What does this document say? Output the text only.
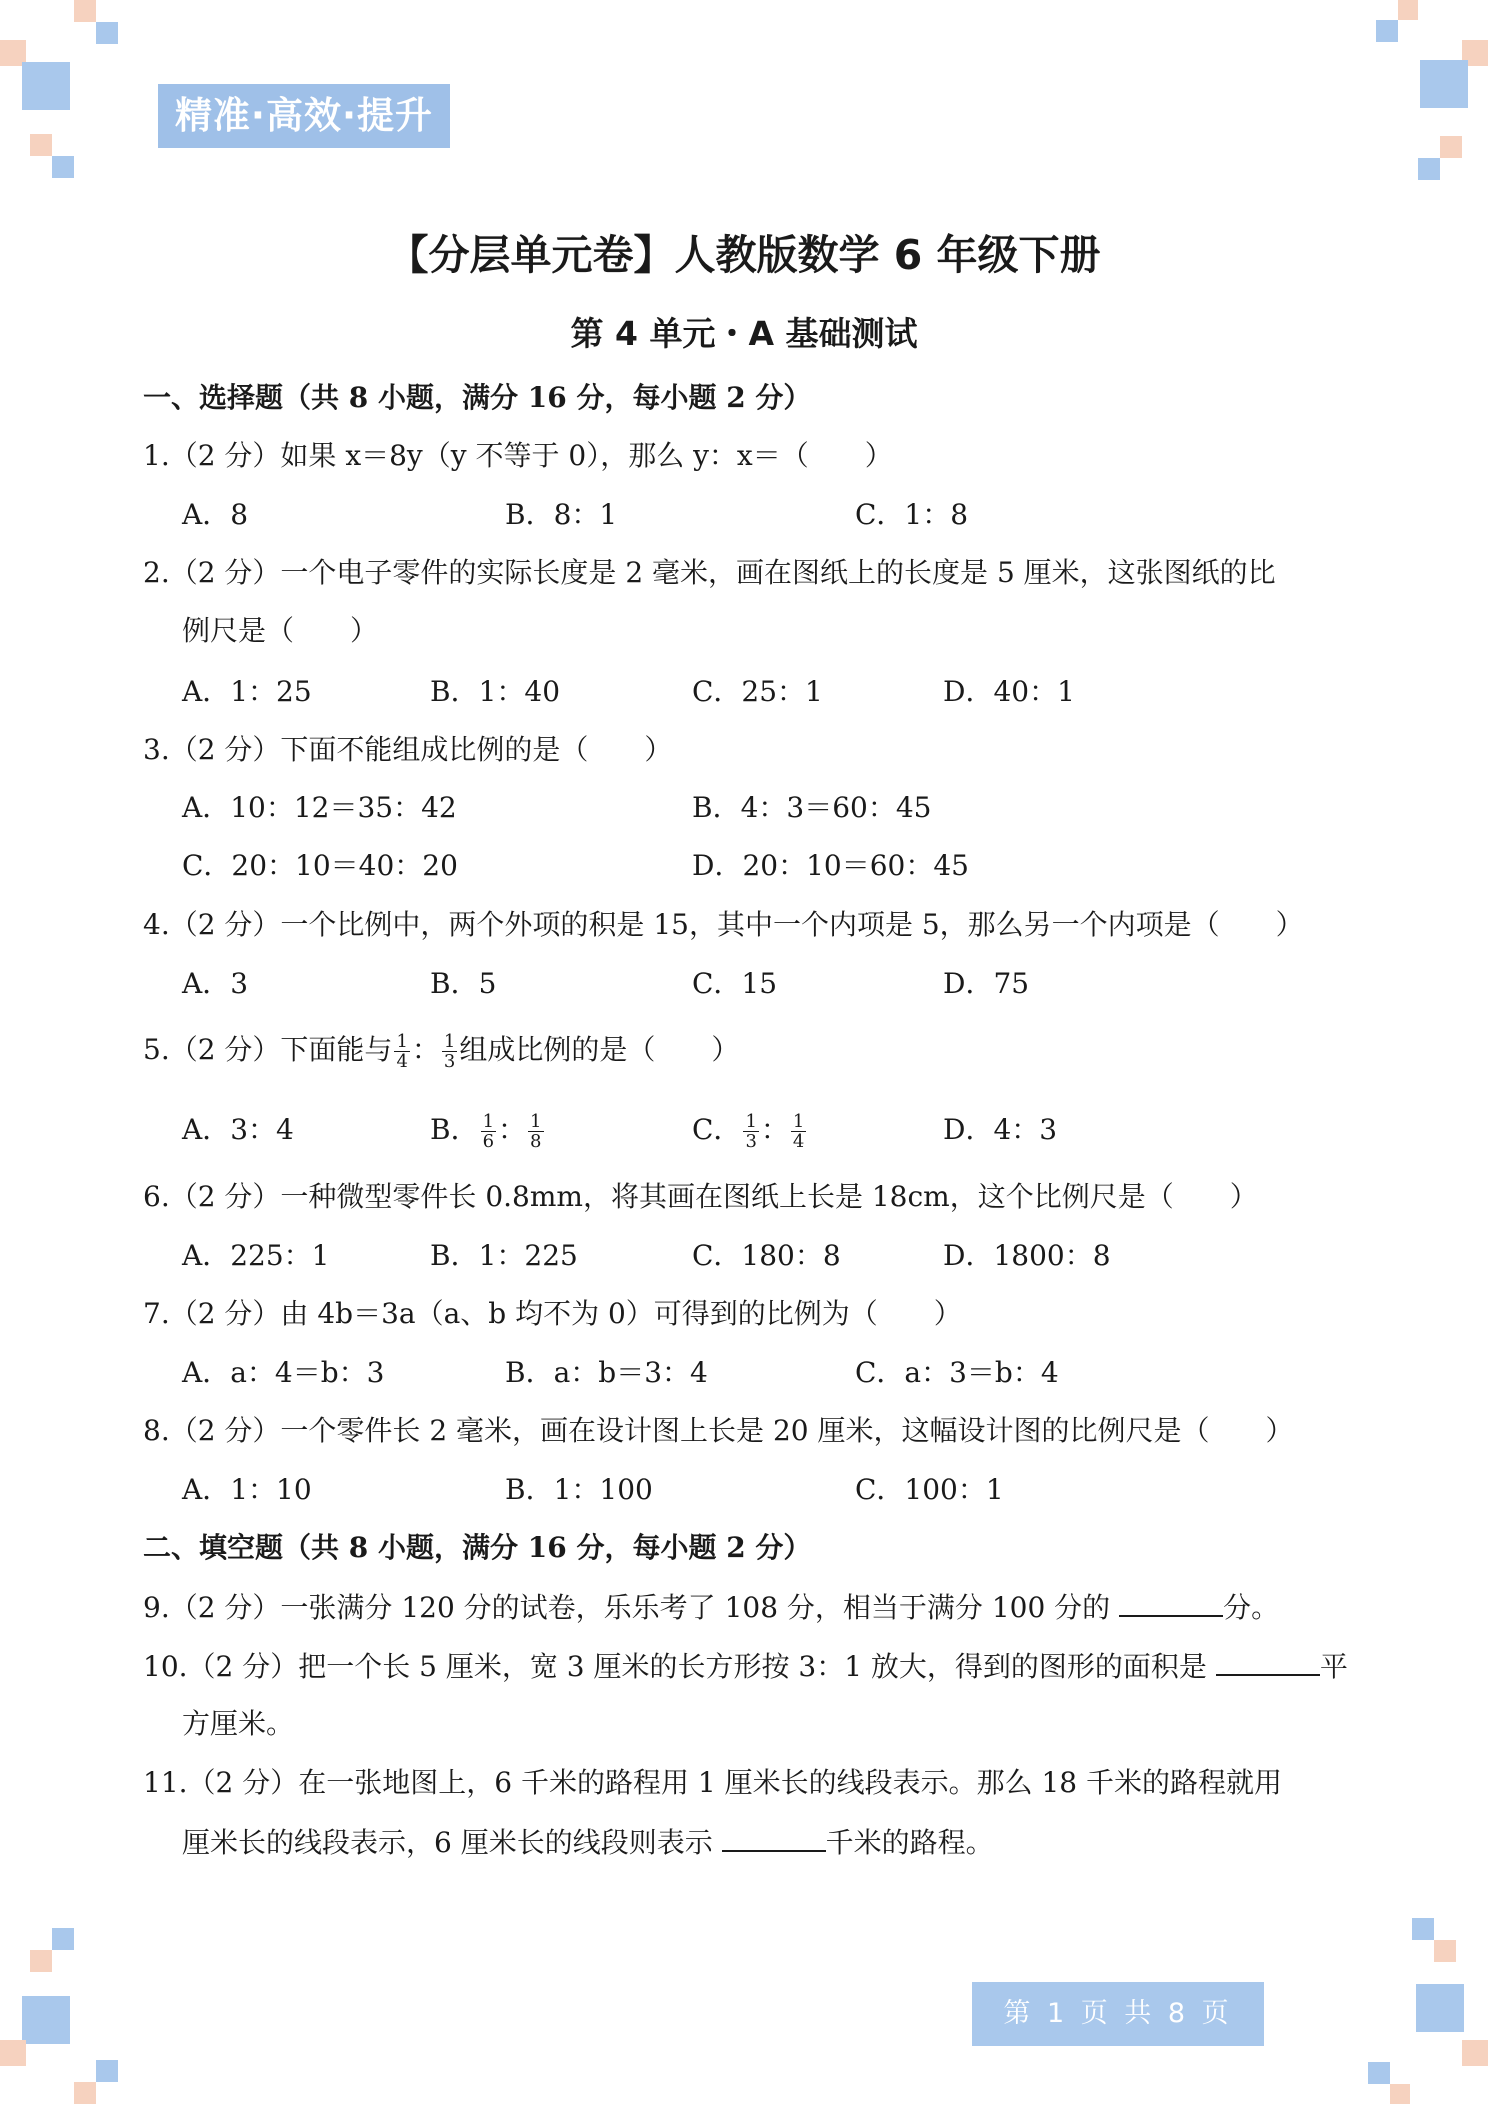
精准·高效·提升
【分层单元卷】人教版数学 6 年级下册
第 4 单元・A 基础测试
一、选择题（共 8 小题，满分 16 分，每小题 2 分）
1.（2 分）如果 x＝8y（y 不等于 0），那么 y：x＝（　　）
A．8	B．8：1	C．1：8
2.（2 分）一个电子零件的实际长度是 2 毫米，画在图纸上的长度是 5 厘米，这张图纸的比
例尺是（　　）
A．1：25	B．1：40	C．25：1	D．40：1
3.（2 分）下面不能组成比例的是（　　）
A．10：12＝35：42	B．4：3＝60：45
C．20：10＝40：20	D．20：10＝60：45
4.（2 分）一个比例中，两个外项的积是 15，其中一个内项是 5，那么另一个内项是（　　）
A．3	B．5	C．15	D．75
5.（2 分）下面能与 $\frac{1}{4}$ ： $\frac{1}{3}$ 组成比例的是（　　）
A．3：4	B． $\frac{1}{6}$ ： $\frac{1}{8}$	C． $\frac{1}{3}$ ： $\frac{1}{4}$	D．4：3
6.（2 分）一种微型零件长 0.8mm，将其画在图纸上长是 18cm，这个比例尺是（　　）
A．225：1	B．1：225	C．180：8	D．1800：8
7.（2 分）由 4b＝3a（a、b 均不为 0）可得到的比例为（　　）
A．a：4＝b：3	B．a：b＝3：4	C．a：3＝b：4
8.（2 分）一个零件长 2 毫米，画在设计图上长是 20 厘米，这幅设计图的比例尺是（　　）
A．1：10	B．1：100	C．100：1
二、填空题（共 8 小题，满分 16 分，每小题 2 分）
9.（2 分）一张满分 120 分的试卷，乐乐考了 108 分，相当于满分 100 分的	分。
10.（2 分）把一个长 5 厘米，宽 3 厘米的长方形按 3：1 放大，得到的图形的面积是	平
方厘米。
11.（2 分）在一张地图上，6 千米的路程用 1 厘米长的线段表示。那么 18 千米的路程就用
厘米长的线段表示，6 厘米长的线段则表示	千米的路程。
第 1 页 共 8 页
